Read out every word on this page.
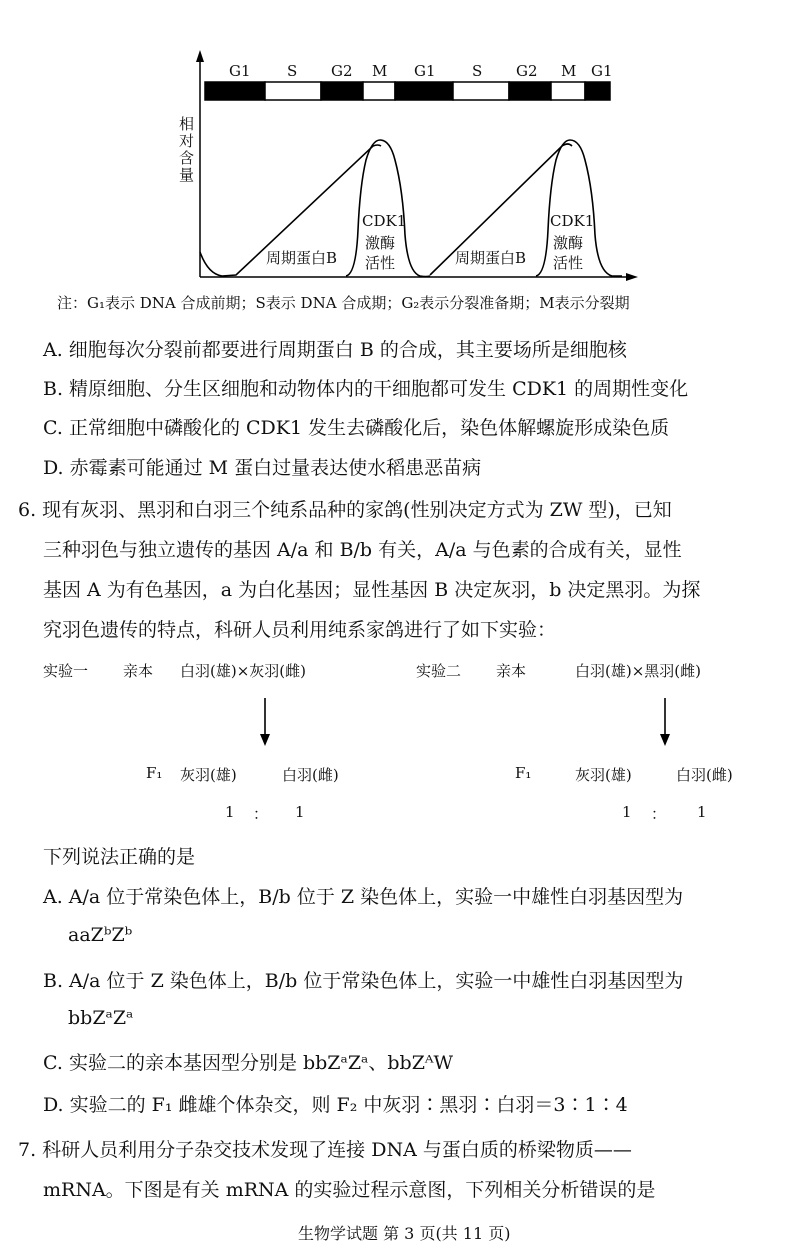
G1 S G2 M G1 S G2 M G1
相对含量
周期蛋白B
CDK1
激酶
活性	周期蛋白B
CDK1
激酶
活性
注：G₁表示 DNA 合成前期；S表示 DNA 合成期；G₂表示分裂准备期；M表示分裂期
A. 细胞每次分裂前都要进行周期蛋白 B 的合成，其主要场所是细胞核
B. 精原细胞、分生区细胞和动物体内的干细胞都可发生 CDK1 的周期性变化
C. 正常细胞中磷酸化的 CDK1 发生去磷酸化后，染色体解螺旋形成染色质
D. 赤霉素可能通过 M 蛋白过量表达使水稻患恶苗病
6. 现有灰羽、黑羽和白羽三个纯系品种的家鸽(性别决定方式为 ZW 型)，已知
三种羽色与独立遗传的基因 A/a 和 B/b 有关，A/a 与色素的合成有关，显性
基因 A 为有色基因，a 为白化基因；显性基因 B 决定灰羽，b 决定黑羽。为探
究羽色遗传的特点，科研人员利用纯系家鸽进行了如下实验：
实验一 亲本 白羽(雄)×灰羽(雌)
F₁ 灰羽(雄)	白羽(雌)
1 ： 1
实验二 亲本	白羽(雄)×黑羽(雌)
F₁	灰羽(雄)	白羽(雌)
1 ： 1
下列说法正确的是
A. A/a 位于常染色体上，B/b 位于 Z 染色体上，实验一中雄性白羽基因型为
aaZᵇZᵇ
B. A/a 位于 Z 染色体上，B/b 位于常染色体上，实验一中雄性白羽基因型为
bbZᵃZᵃ
C. 实验二的亲本基因型分别是 bbZᵃZᵃ、bbZᴬW
D. 实验二的 F₁ 雌雄个体杂交，则 F₂ 中灰羽∶黑羽∶白羽＝3∶1∶4
7. 科研人员利用分子杂交技术发现了连接 DNA 与蛋白质的桥梁物质——
mRNA。下图是有关 mRNA 的实验过程示意图，下列相关分析错误的是
生物学试题 第 3 页(共 11 页)
